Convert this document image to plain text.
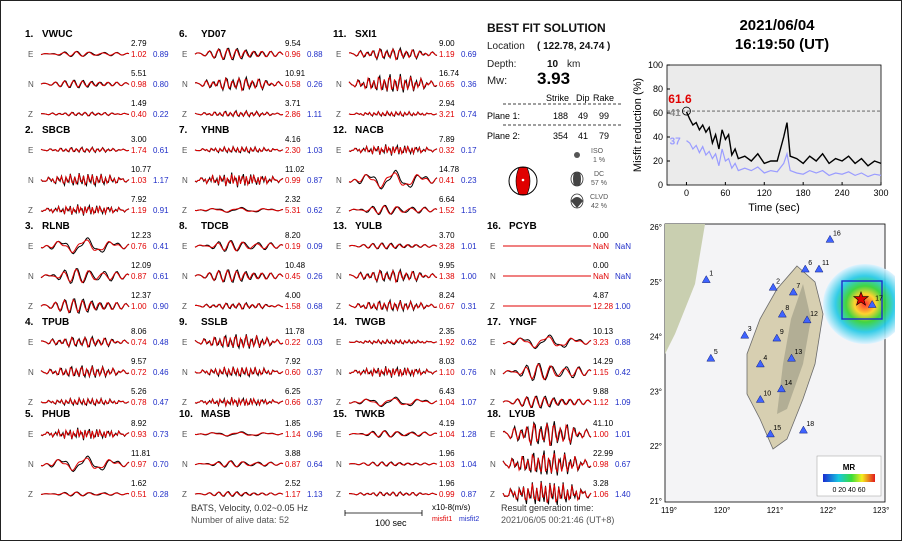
1. VWUC
E
2.79
1.02 0.89
N
5.51
0.98 0.80
Z
1.49
0.40 0.22
2. SBCB
E
3.00
1.74 0.61
N
10.77
1.03 1.17
Z
7.92
1.19 0.91
3. RLNB
E
12.23
0.76 0.41
N
12.09
0.87 0.61
Z
12.37
1.00 0.90
4. TPUB
E
8.06
0.74 0.48
N
9.57
0.72 0.46
Z
5.26
0.78 0.47
5. PHUB
E
8.92
0.93 0.73
N
11.81
0.97 0.70
Z
1.62
0.51 0.28
6. YD07
E
9.54
0.96 0.88
N
10.91
0.58 0.26
Z
3.71
2.86 1.11
7. YHNB
E
4.16
2.30 1.03
N
11.02
0.99 0.87
Z
2.32
5.31 0.62
8. TDCB
E
8.20
0.19 0.09
N
10.48
0.45 0.26
Z
4.00
1.58 0.68
9. SSLB
E
11.78
0.22 0.03
N
7.92
0.60 0.37
Z
6.25
0.66 0.37
10. MASB
E
1.85
1.14 0.96
N
3.88
0.87 0.64
Z
2.52
1.17 1.13
11. SXI1
E
9.00
1.19 0.69
N
16.74
0.65 0.36
Z
2.94
3.21 0.74
12. NACB
E
7.89
0.32 0.17
N
14.78
0.41 0.23
Z
6.64
1.52 1.15
13. YULB
E
3.70
3.28 1.01
N
9.95
1.38 1.00
Z
8.24
0.67 0.31
14. TWGB
E
2.35
1.92 0.62
N
8.03
1.10 0.76
Z
6.43
1.04 1.07
15. TWKB
E
4.19
1.04 1.28
N
1.96
1.03 1.04
Z
1.96
0.99 0.87
16. PCYB
E
0.00
NaN NaN
N
0.00
NaN NaN
Z
4.87
12.28 1.00
17. YNGF
E
10.13
3.23 0.88
N
14.29
1.15 0.42
Z
9.88
1.12 1.09
18. LYUB
E
41.10
1.00 1.01
N
22.99
0.98 0.67
Z
3.28
1.06 1.40
BEST FIT SOLUTION
Location ( 122.78, 24.74 )
Depth:	10 km
Mw: 3.93
Strike Dip Rake
Plane 1:	188 49 99
Plane 2:	354 41 79
ISO
1 %
DC
57 %
CLVD
42 %
2021/06/04
16:19:50 (UT)
0
20
40
60
80
100
0	60	120	180	240	300
41
37
61.6
Time (sec)
Misfit reduction (%)
26°
25°
24°
23°
22°
21°
119°	120°	121°	122°	123°
1
2
3
4
5
6
7
8
9
10
11
12
13
14
15
16
17
18
MR
0 20 40 60
BATS, Velocity, 0.02~0.05 Hz
Number of alive data: 52	100 sec
x10-8(m/s)
misfit1 misfit2
Result generation time:
2021/06/05 00:21:46 (UT+8)
